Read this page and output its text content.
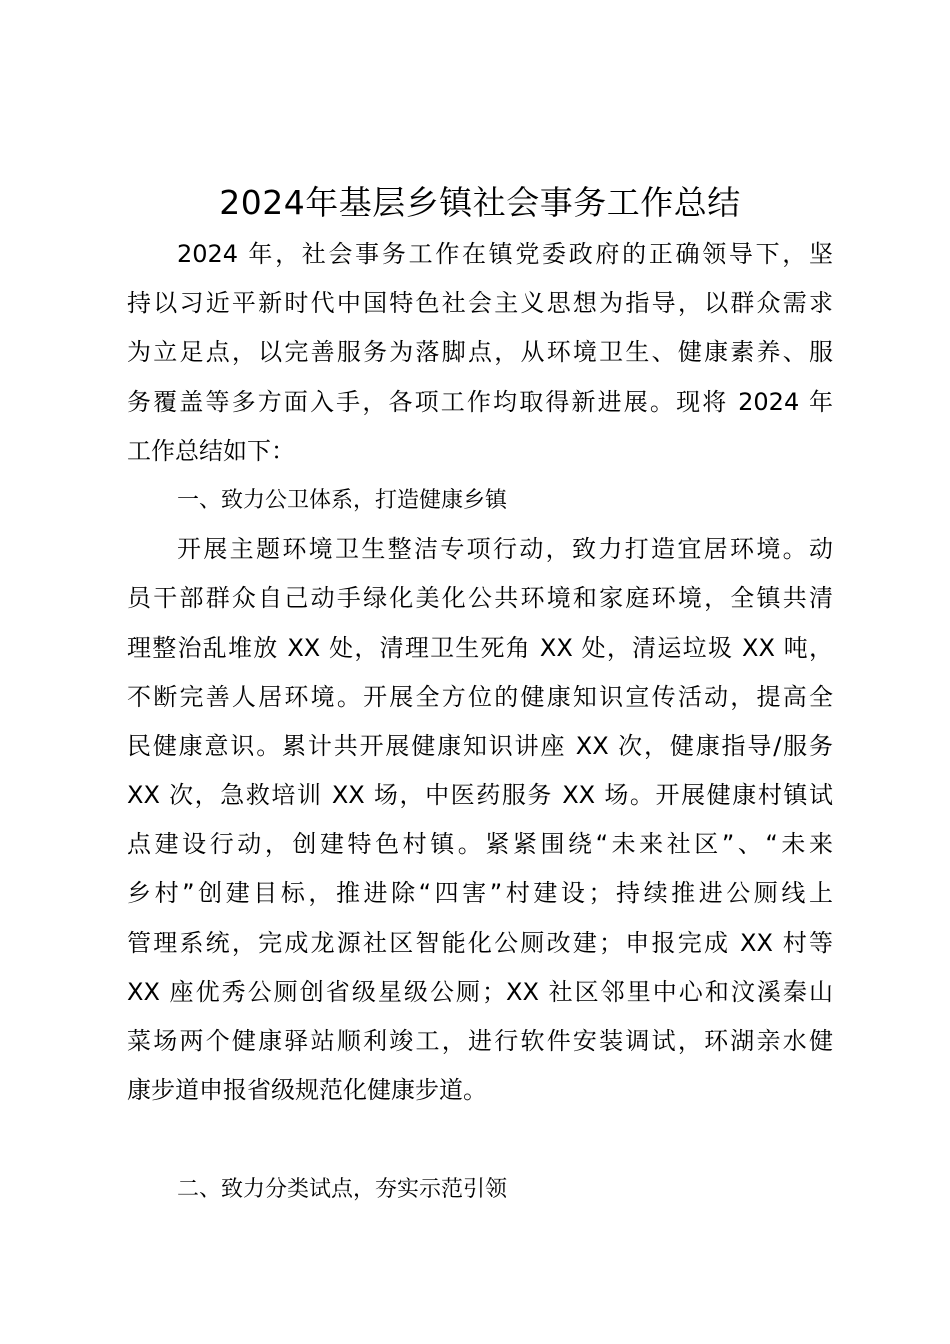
2024年基层乡镇社会事务工作总结
2024 年，社会事务工作在镇党委政府的正确领导下，坚
持以习近平新时代中国特色社会主义思想为指导，以群众需求
为立足点，以完善服务为落脚点，从环境卫生、健康素养、服
务覆盖等多方面入手，各项工作均取得新进展。现将 2024 年
工作总结如下：
一、致力公卫体系，打造健康乡镇
开展主题环境卫生整洁专项行动，致力打造宜居环境。动
员干部群众自己动手绿化美化公共环境和家庭环境，全镇共清
理整治乱堆放 XX 处，清理卫生死角 XX 处，清运垃圾 XX 吨，
不断完善人居环境。开展全方位的健康知识宣传活动，提高全
民健康意识。累计共开展健康知识讲座 XX 次，健康指导/服务
XX 次，急救培训 XX 场，中医药服务 XX 场。开展健康村镇试
点建设行动，创建特色村镇。紧紧围绕“未来社区”、“未来
乡村”创建目标，推进除“四害”村建设；持续推进公厕线上
管理系统，完成龙源社区智能化公厕改建；申报完成 XX 村等
XX 座优秀公厕创省级星级公厕；XX 社区邻里中心和汶溪秦山
菜场两个健康驿站顺利竣工，进行软件安装调试，环湖亲水健
康步道申报省级规范化健康步道。
二、致力分类试点，夯实示范引领
